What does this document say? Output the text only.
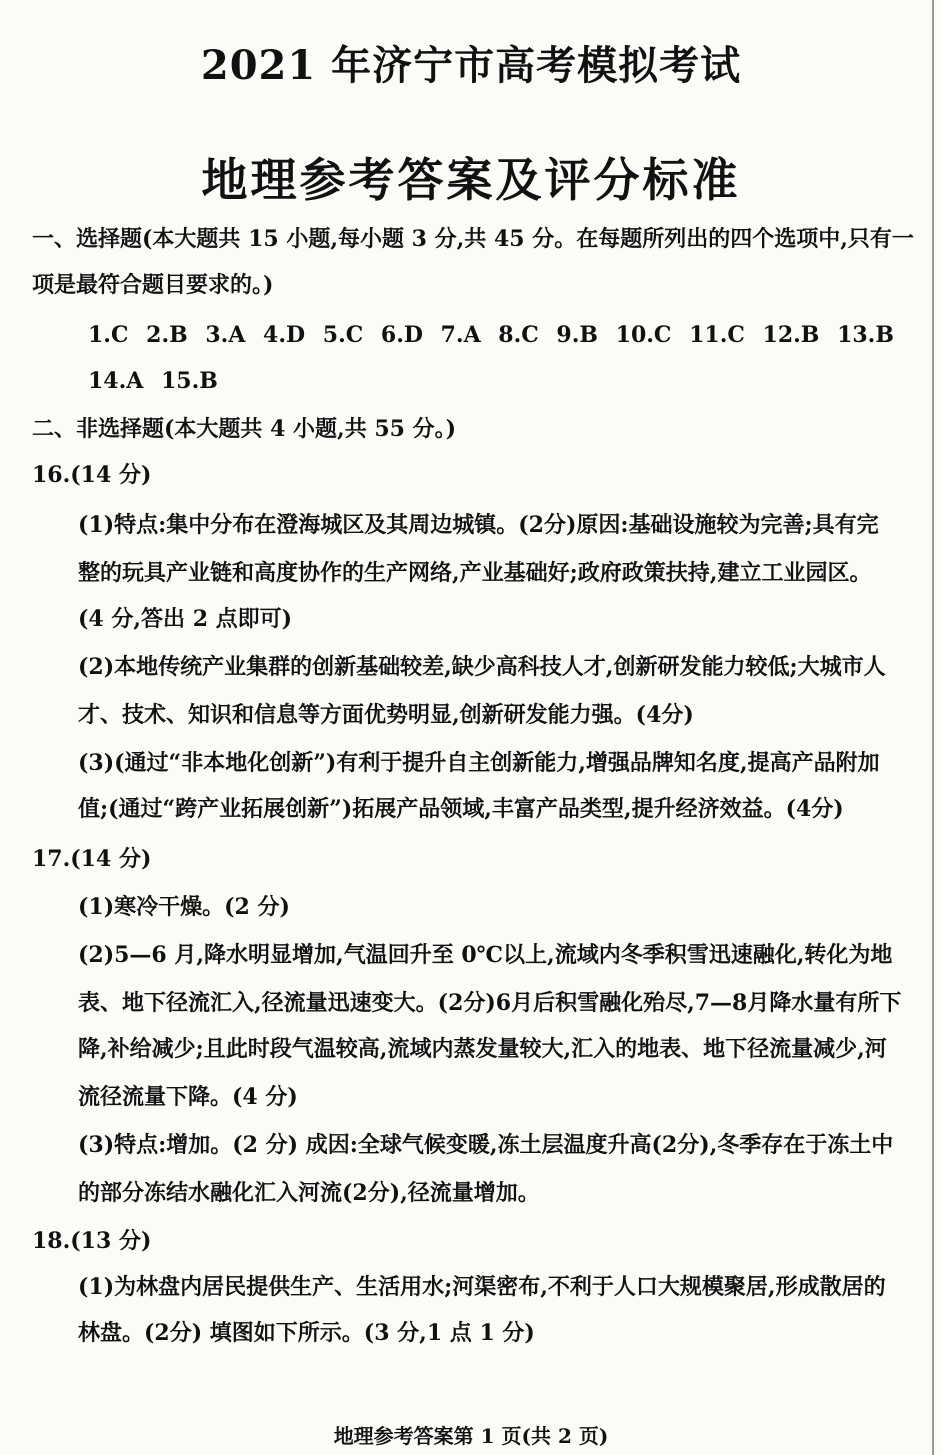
2021 年济宁市高考模拟考试
地理参考答案及评分标准
一、选择题(本大题共 15 小题,每小题 3 分,共 45 分。在每题所列出的四个选项中,只有一
项是最符合题目要求的。)
1.C 2.B 3.A 4.D 5.C 6.D 7.A 8.C 9.B 10.C 11.C 12.B 13.B
14.A 15.B
二、非选择题(本大题共 4 小题,共 55 分。)
16.(14 分)
(1)特点:集中分布在澄海城区及其周边城镇。(2分)原因:基础设施较为完善;具有完
整的玩具产业链和高度协作的生产网络,产业基础好;政府政策扶持,建立工业园区。
(4 分,答出 2 点即可)
(2)本地传统产业集群的创新基础较差,缺少高科技人才,创新研发能力较低;大城市人
才、技术、知识和信息等方面优势明显,创新研发能力强。(4分)
(3)(通过“非本地化创新”)有利于提升自主创新能力,增强品牌知名度,提高产品附加
值;(通过“跨产业拓展创新”)拓展产品领域,丰富产品类型,提升经济效益。(4分)
17.(14 分)
(1)寒冷干燥。(2 分)
(2)5—6 月,降水明显增加,气温回升至 0℃以上,流域内冬季积雪迅速融化,转化为地
表、地下径流汇入,径流量迅速变大。(2分)6月后积雪融化殆尽,7—8月降水量有所下
降,补给减少;且此时段气温较高,流域内蒸发量较大,汇入的地表、地下径流量减少,河
流径流量下降。(4 分)
(3)特点:增加。(2 分) 成因:全球气候变暖,冻土层温度升高(2分),冬季存在于冻土中
的部分冻结水融化汇入河流(2分),径流量增加。
18.(13 分)
(1)为林盘内居民提供生产、生活用水;河渠密布,不利于人口大规模聚居,形成散居的
林盘。(2分) 填图如下所示。(3 分,1 点 1 分)
地理参考答案第 1 页(共 2 页)
